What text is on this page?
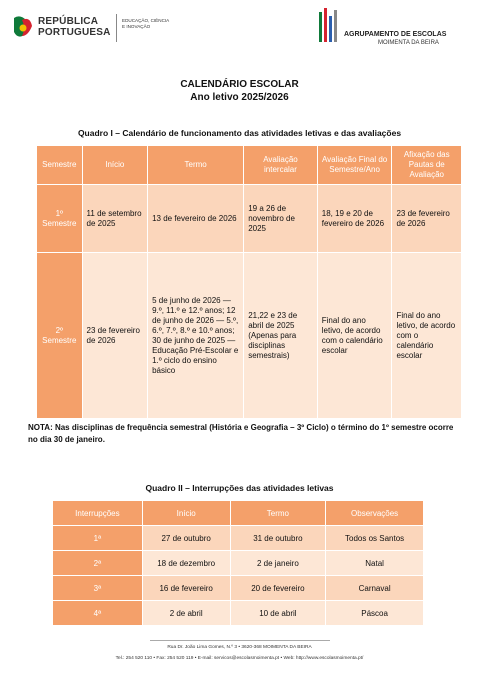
REPÚBLICA
PORTUGUESA
EDUCAÇÃO, CIÊNCIA
E INOVAÇÃO
AGRUPAMENTO DE ESCOLAS
MOIMENTA DA BEIRA
CALENDÁRIO ESCOLAR
Ano letivo 2025/2026
Quadro I – Calendário de funcionamento das atividades letivas e das avaliações
Semestre	Início	Termo	Avaliação intercalar	Avaliação Final do Semestre/Ano	Afixação das Pautas de Avaliação
1º Semestre	11 de setembro de 2025	13 de fevereiro de 2026	19 a 26 de novembro de 2025	18, 19 e 20 de fevereiro de 2026	23 de fevereiro de 2026
2º Semestre	23 de fevereiro de 2026	5 de junho de 2026 — 9.º, 11.º e 12.º anos; 12 de junho de 2026 — 5.º, 6.º, 7.º, 8.º e 10.º anos; 30 de junho de 2025 — Educação Pré-Escolar e 1.º ciclo do ensino básico	21,22 e 23 de abril de 2025 (Apenas para disciplinas semestrais)	Final do ano letivo, de acordo com o calendário escolar	Final do ano letivo, de acordo com o calendário escolar
NOTA: Nas disciplinas de frequência semestral (História e Geografia – 3º Ciclo) o término do 1º semestre ocorre no dia 30 de janeiro.
Quadro II – Interrupções das atividades letivas
Interrupções	Início	Termo	Observações
1ª	27 de outubro	31 de outubro	Todos os Santos
2ª	18 de dezembro	2 de janeiro	Natal
3ª	16 de fevereiro	20 de fevereiro	Carnaval
4ª	2 de abril	10 de abril	Páscoa
Rua Dr. João Lima Gomes, N.º 3 • 3620-368 MOIMENTA DA BEIRA
Tel.: 254 520 110 • Fax: 254 520 119 • E-mail: servicos@escolasmoimenta.pt • Web: http://www.escolasmoimenta.pt/
